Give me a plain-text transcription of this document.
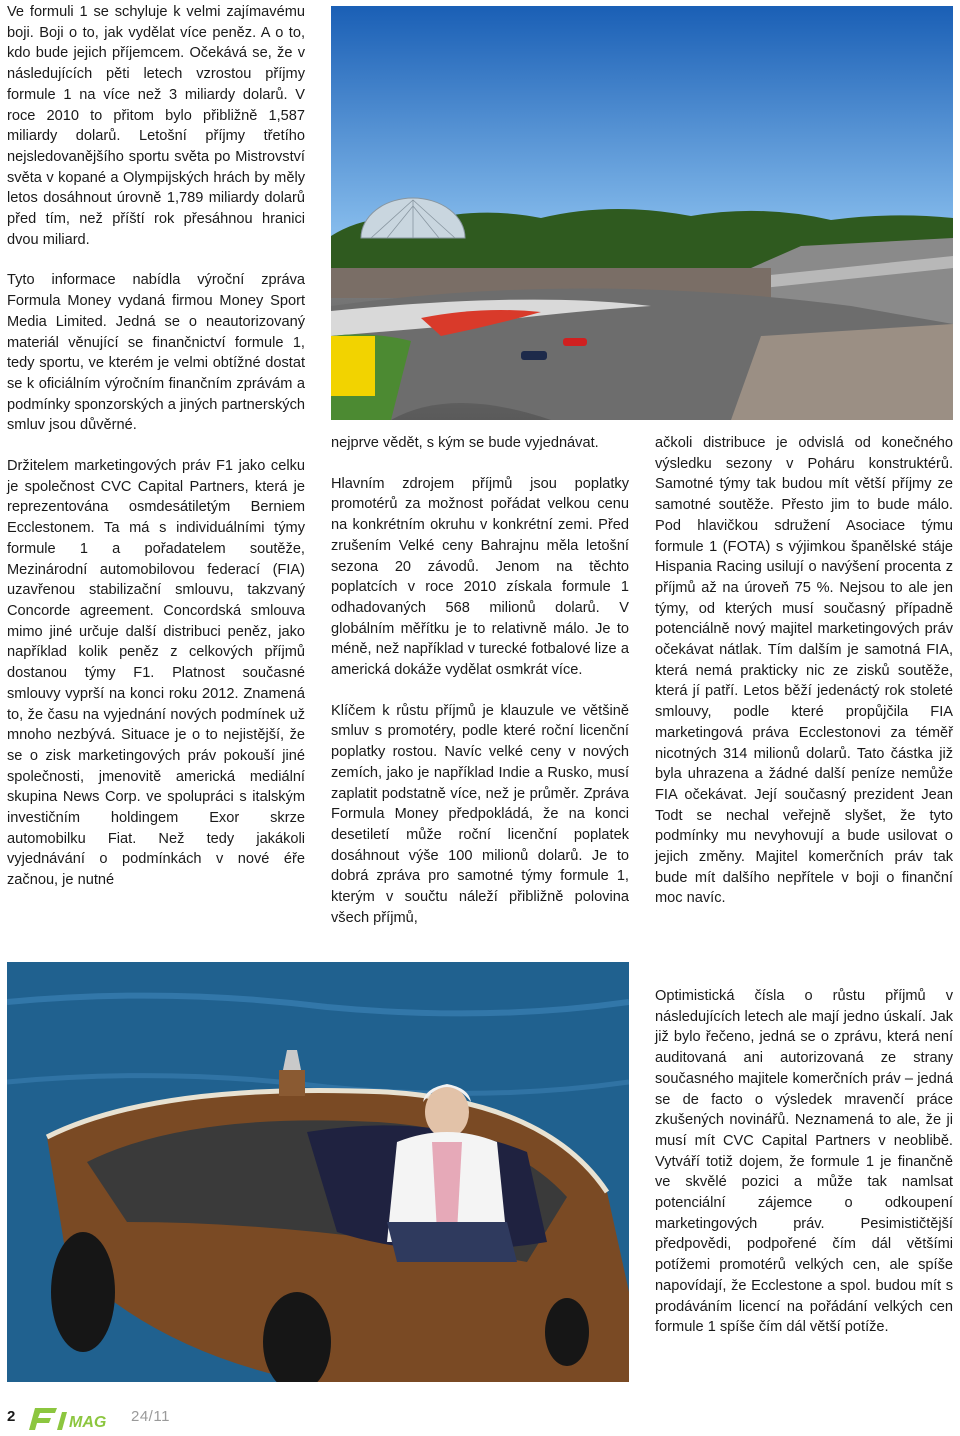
Ve formuli 1 se schyluje k velmi zajímavému boji. Boji o to, jak vydělat více peněz. A o to, kdo bude jejich příjemcem. Očekává se, že v následujících pěti letech vzrostou příjmy formule 1 na více než 3 miliardy dolarů. V roce 2010 to přitom bylo přibližně 1,587 miliardy dolarů. Letošní příjmy třetího nejsledovanějšího sportu světa po Mistrovství světa v kopané a Olympijských hrách by měly letos dosáhnout úrovně 1,789 miliardy dolarů před tím, než příští rok přesáhnou hranici dvou miliard.

Tyto informace nabídla výroční zpráva Formula Money vydaná firmou Money Sport Media Limited. Jedná se o neautorizovaný materiál věnující se finančnictví formule 1, tedy sportu, ve kterém je velmi obtížné dostat se k oficiálním výročním finančním zprávám a podmínky sponzorských a jiných partnerských smluv jsou důvěrné.

Držitelem marketingových práv F1 jako celku je společnost CVC Capital Partners, která je reprezentována osmdesátiletým Berniem Ecclestonem. Ta má s individuálními týmy formule 1 a pořadatelem soutěže, Mezinárodní automobilovou federací (FIA) uzavřenou stabilizační smlouvu, takzvaný Concorde agreement. Concordská smlouva mimo jiné určuje další distribuci peněz, jako například kolik peněz z celkových příjmů dostanou týmy F1. Platnost současné smlouvy vyprší na konci roku 2012. Znamená to, že času na vyjednání nových podmínek už mnoho nezbývá. Situace je o to nejistější, že se o zisk marketingových práv pokouší jiné společnosti, jmenovitě americká mediální skupina News Corp. ve spolupráci s italským investičním holdingem Exor skrze automobilku Fiat. Než tedy jakákoli vyjednávání o podmínkách v nové éře začnou, je nutné

nejprve vědět, s kým se bude vyjednávat.

Hlavním zdrojem příjmů jsou poplatky promotérů za možnost pořádat velkou cenu na konkrétním okruhu v konkrétní zemi. Před zrušením Velké ceny Bahrajnu měla letošní sezona 20 závodů. Jenom na těchto poplatcích v roce 2010 získala formule 1 odhadovaných 568 milionů dolarů. V globálním měřítku je to relativně málo. Je to méně, než například v turecké fotbalové lize a americká dokáže vydělat osmkrát více.

Klíčem k růstu příjmů je klauzule ve většině smluv s promotéry, podle které roční licenční poplatky rostou. Navíc velké ceny v nových zemích, jako je například Indie a Rusko, musí zaplatit podstatně více, než je průměr. Zpráva Formula Money předpokládá, že na konci desetiletí může roční licenční poplatek dosáhnout výše 100 milionů dolarů. Je to dobrá zpráva pro samotné týmy formule 1, kterým v součtu náleží přibližně polovina všech příjmů,

ačkoli distribuce je odvislá od konečného výsledku sezony v Poháru konstruktérů. Samotné týmy tak budou mít větší příjmy ze samotné soutěže. Přesto jim to bude málo. Pod hlavičkou sdružení Asociace týmu formule 1 (FOTA) s výjimkou španělské stáje Hispania Racing usilují o navýšení procenta z příjmů až na úroveň 75 %. Nejsou to ale jen týmy, od kterých musí současný případně potenciálně nový majitel marketingových práv očekávat nátlak. Tím dalším je samotná FIA, která nemá prakticky nic ze zisků soutěže, která jí patří. Letos běží jedenáctý rok stoleté smlouvy, podle které propůjčila FIA marketingová práva Ecclestonovi za téměř nicotných 314 milionů dolarů. Tato částka již byla uhrazena a žádné další peníze nemůže FIA očekávat. Její současný prezident Jean Todt se nechal veřejně slyšet, že tyto podmínky mu nevyhovují a bude usilovat o jejich změny. Majitel komerčních práv tak bude mít dalšího nepřítele v boji o finanční moc navíc.

Optimistická čísla o růstu příjmů v následujících letech ale mají jedno úskalí. Jak již bylo řečeno, jedná se o zprávu, která není auditovaná ani autorizovaná ze strany současného majitele komerčních práv – jedná se de facto o výsledek mravenčí práce zkušených novinářů. Neznamená to ale, že ji musí mít CVC Capital Partners v neoblibě. Vytváří totiž dojem, že formule 1 je finančně ve skvělé pozici a může tak namlsat potenciální zájemce o odkoupení marketingových práv. Pesimističtější předpovědi, podpořené čím dál většími potížemi promotérů velkých cen, ale spíše napovídají, že Ecclestone a spol. budou mít s prodáváním licencí na pořádání velkých cen formule 1 spíše čím dál větší potíže.

2	MAG 24/11
